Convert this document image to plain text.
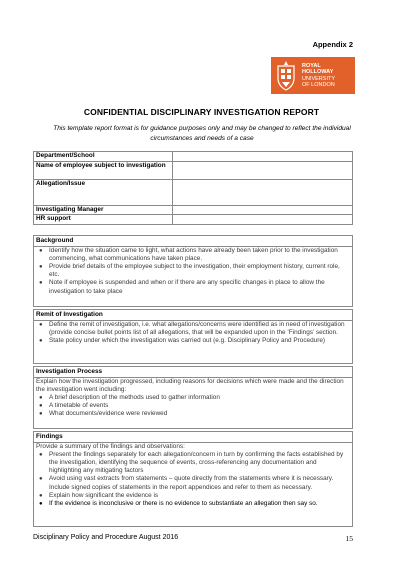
Appendix 2
ROYAL
HOLLOWAY
UNIVERSITY
OF LONDON
CONFIDENTIAL DISCIPLINARY INVESTIGATION REPORT
This template report format is for guidance purposes only and may be changed to reflect the individual circumstances and needs of a case
Department/School	
Name of employee subject to investigation	
Allegation/Issue	
Investigating Manager	
HR support	
Background
● Identify how the situation came to light, what actions have already been taken prior to the investigation commencing, what communications have taken place.
● Provide brief details of the employee subject to the investigation, their employment history, current role, etc.
● Note if employee is suspended and when or if there are any specific changes in place to allow the investigation to take place
Remit of Investigation
● Define the remit of investigation, i.e. what allegations/concerns were identified as in need of investigation (provide concise bullet points list of all allegations, that will be expanded upon in the ‘Findings’ section.
● State policy under which the investigation was carried out (e.g. Disciplinary Policy and Procedure)
Investigation Process
Explain how the investigation progressed, including reasons for decisions which were made and the direction the investigation went including:
● A brief description of the methods used to gather information
● A timetable of events
● What documents/evidence were reviewed
Findings
Provide a summary of the findings and observations:
● Present the findings separately for each allegation/concern in turn by confirming the facts established by the investigation, identifying the sequence of events, cross-referencing any documentation and highlighting any mitigating factors
● Avoid using vast extracts from statements – quote directly from the statements where it is necessary. Include signed copies of statements in the report appendices and refer to them as necessary.
● Explain how significant the evidence is
● If the evidence is inconclusive or there is no evidence to substantiate an allegation then say so.
Disciplinary Policy and Procedure August 2016	15
